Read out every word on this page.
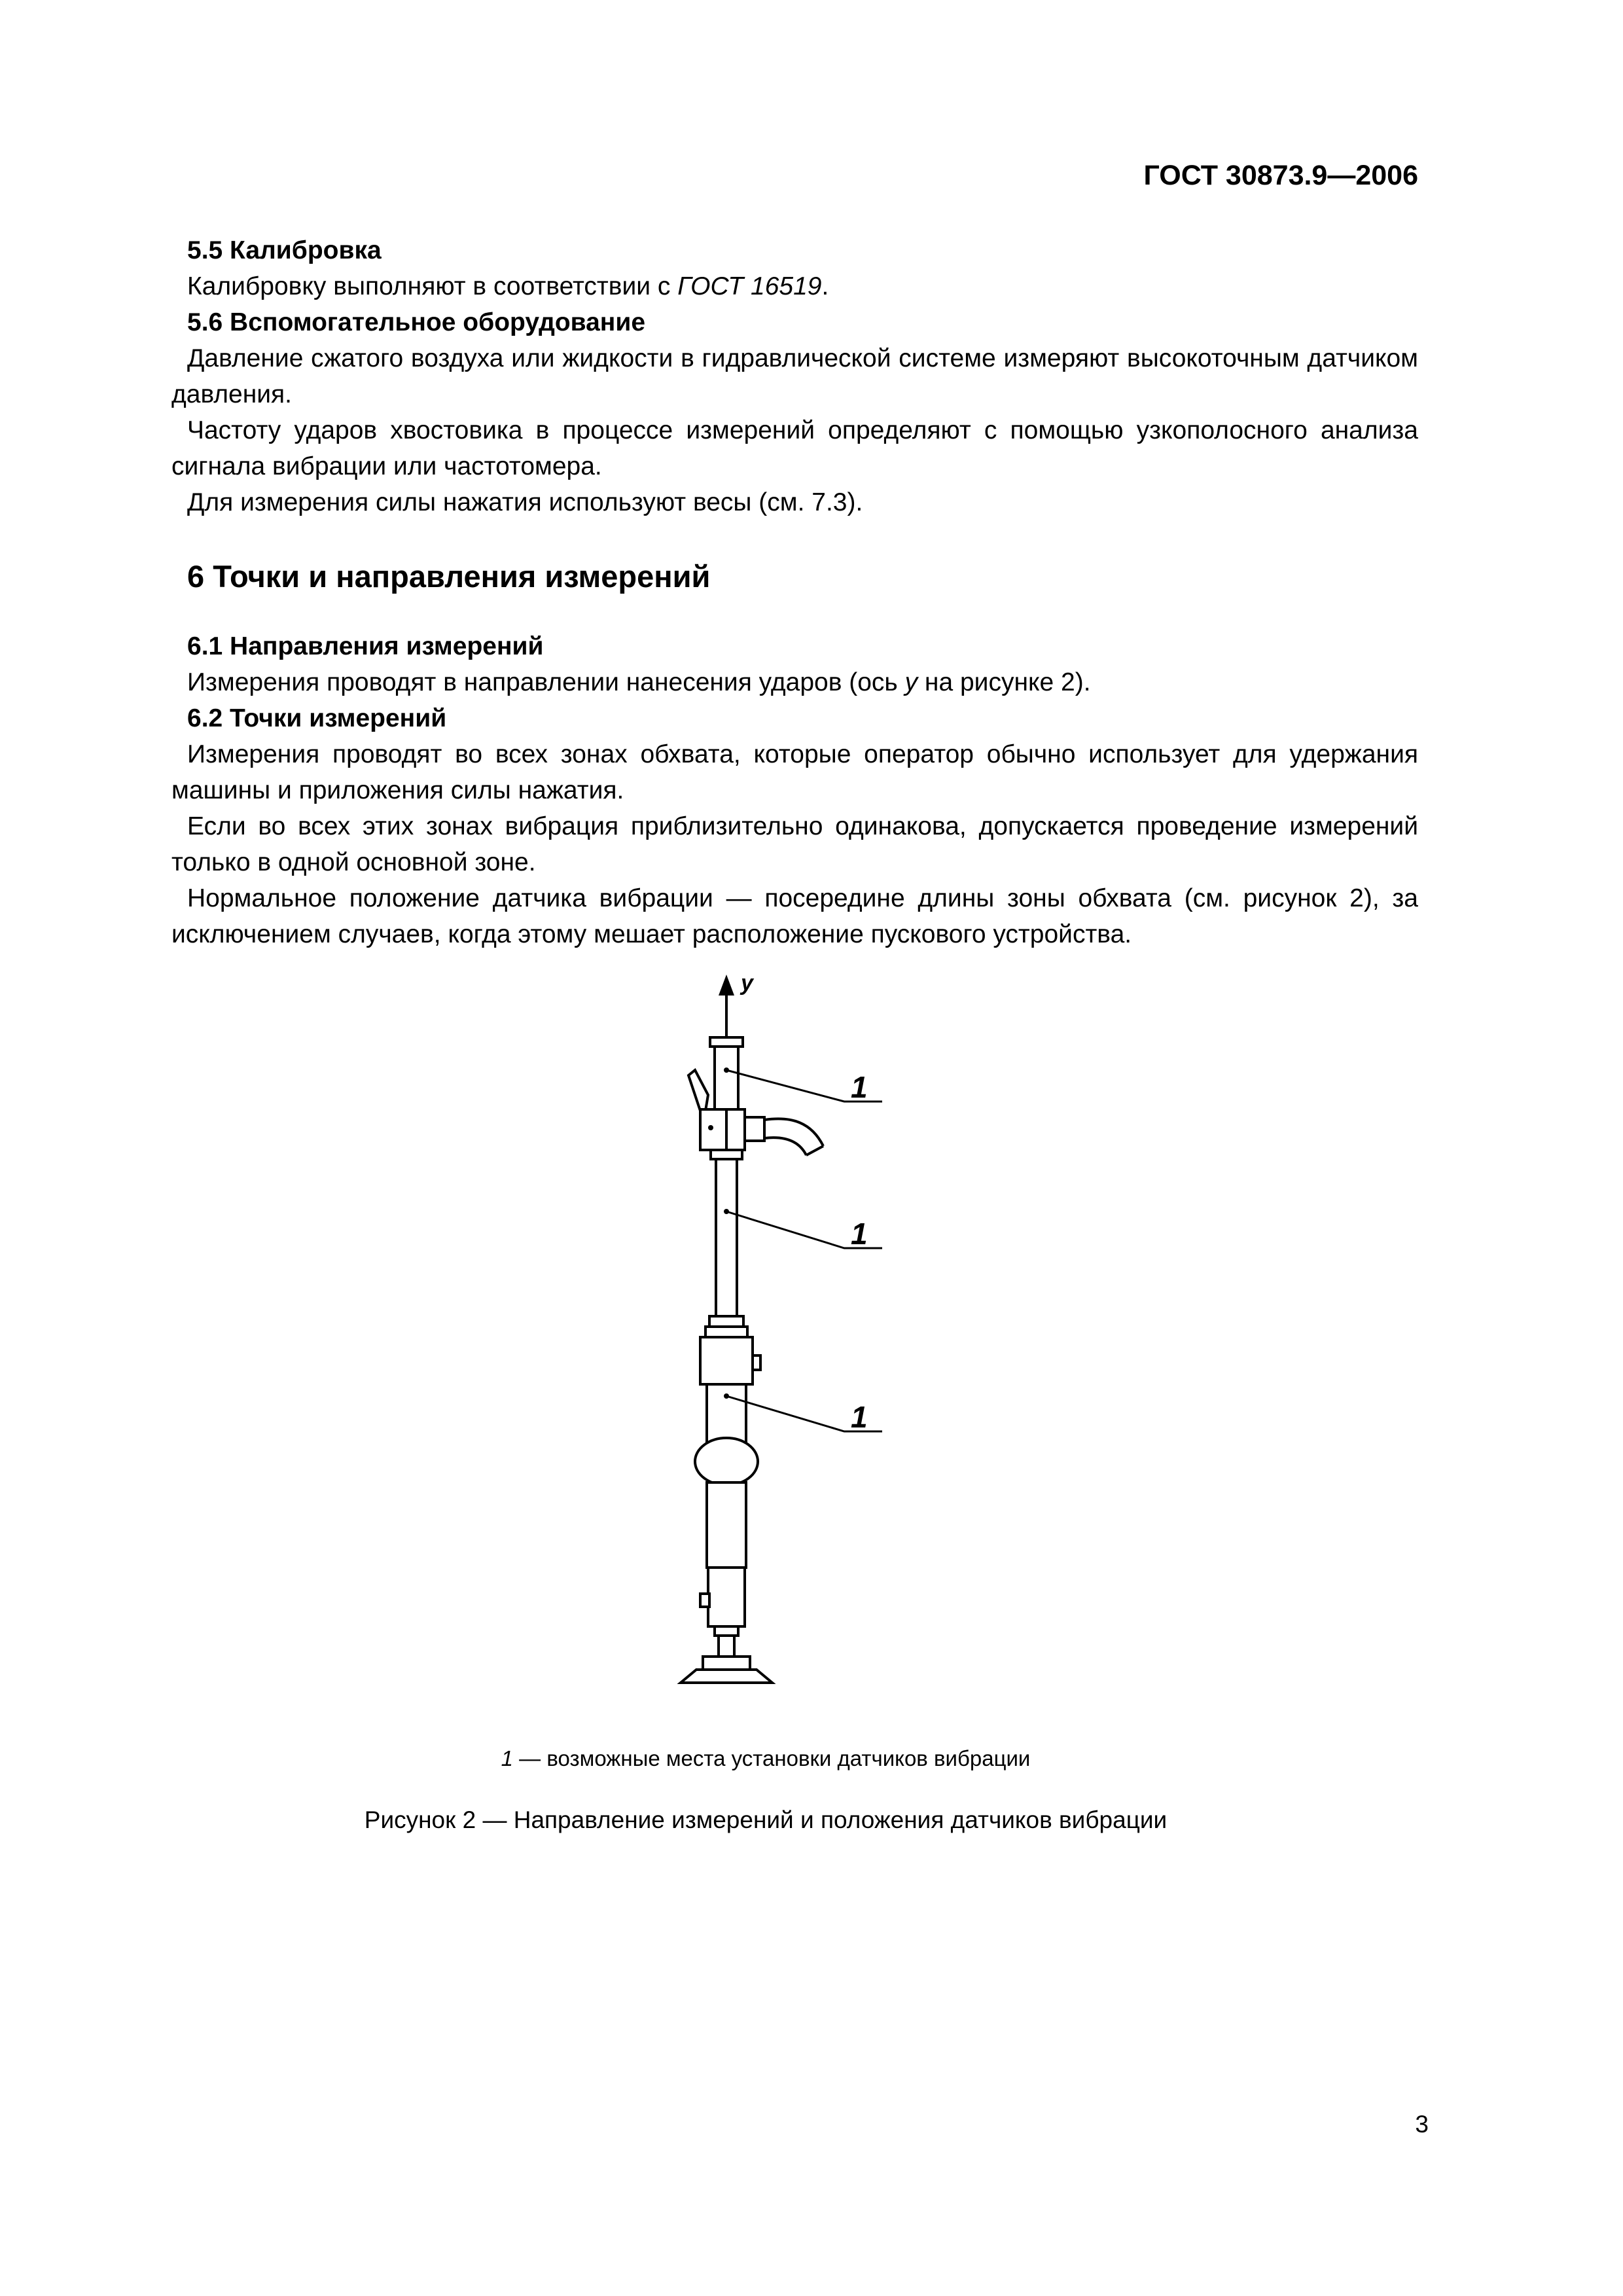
ГОСТ 30873.9—2006

5.5 Калибровка

Калибровку выполняют в соответствии с ГОСТ 16519.

5.6 Вспомогательное оборудование

Давление сжатого воздуха или жидкости в гидравлической системе измеряют высокоточным датчиком давления.

Частоту ударов хвостовика в процессе измерений определяют с помощью узкополосного анализа сигнала вибрации или частотомера.

Для измерения силы нажатия используют весы (см. 7.3).

6 Точки и направления измерений

6.1 Направления измерений

Измерения проводят в направлении нанесения ударов (ось y на рисунке 2).

6.2 Точки измерений

Измерения проводят во всех зонах обхвата, которые оператор обычно использует для удержания машины и приложения силы нажатия.

Если во всех этих зонах вибрация приблизительно одинакова, допускается проведение измерений только в одной основной зоне.

Нормальное положение датчика вибрации — посередине длины зоны обхвата (см. рисунок 2), за исключением случаев, когда этому мешает расположение пускового устройства.

y
1
1
1
1 — возможные места установки датчиков вибрации
Рисунок 2 — Направление измерений и положения датчиков вибрации
3
